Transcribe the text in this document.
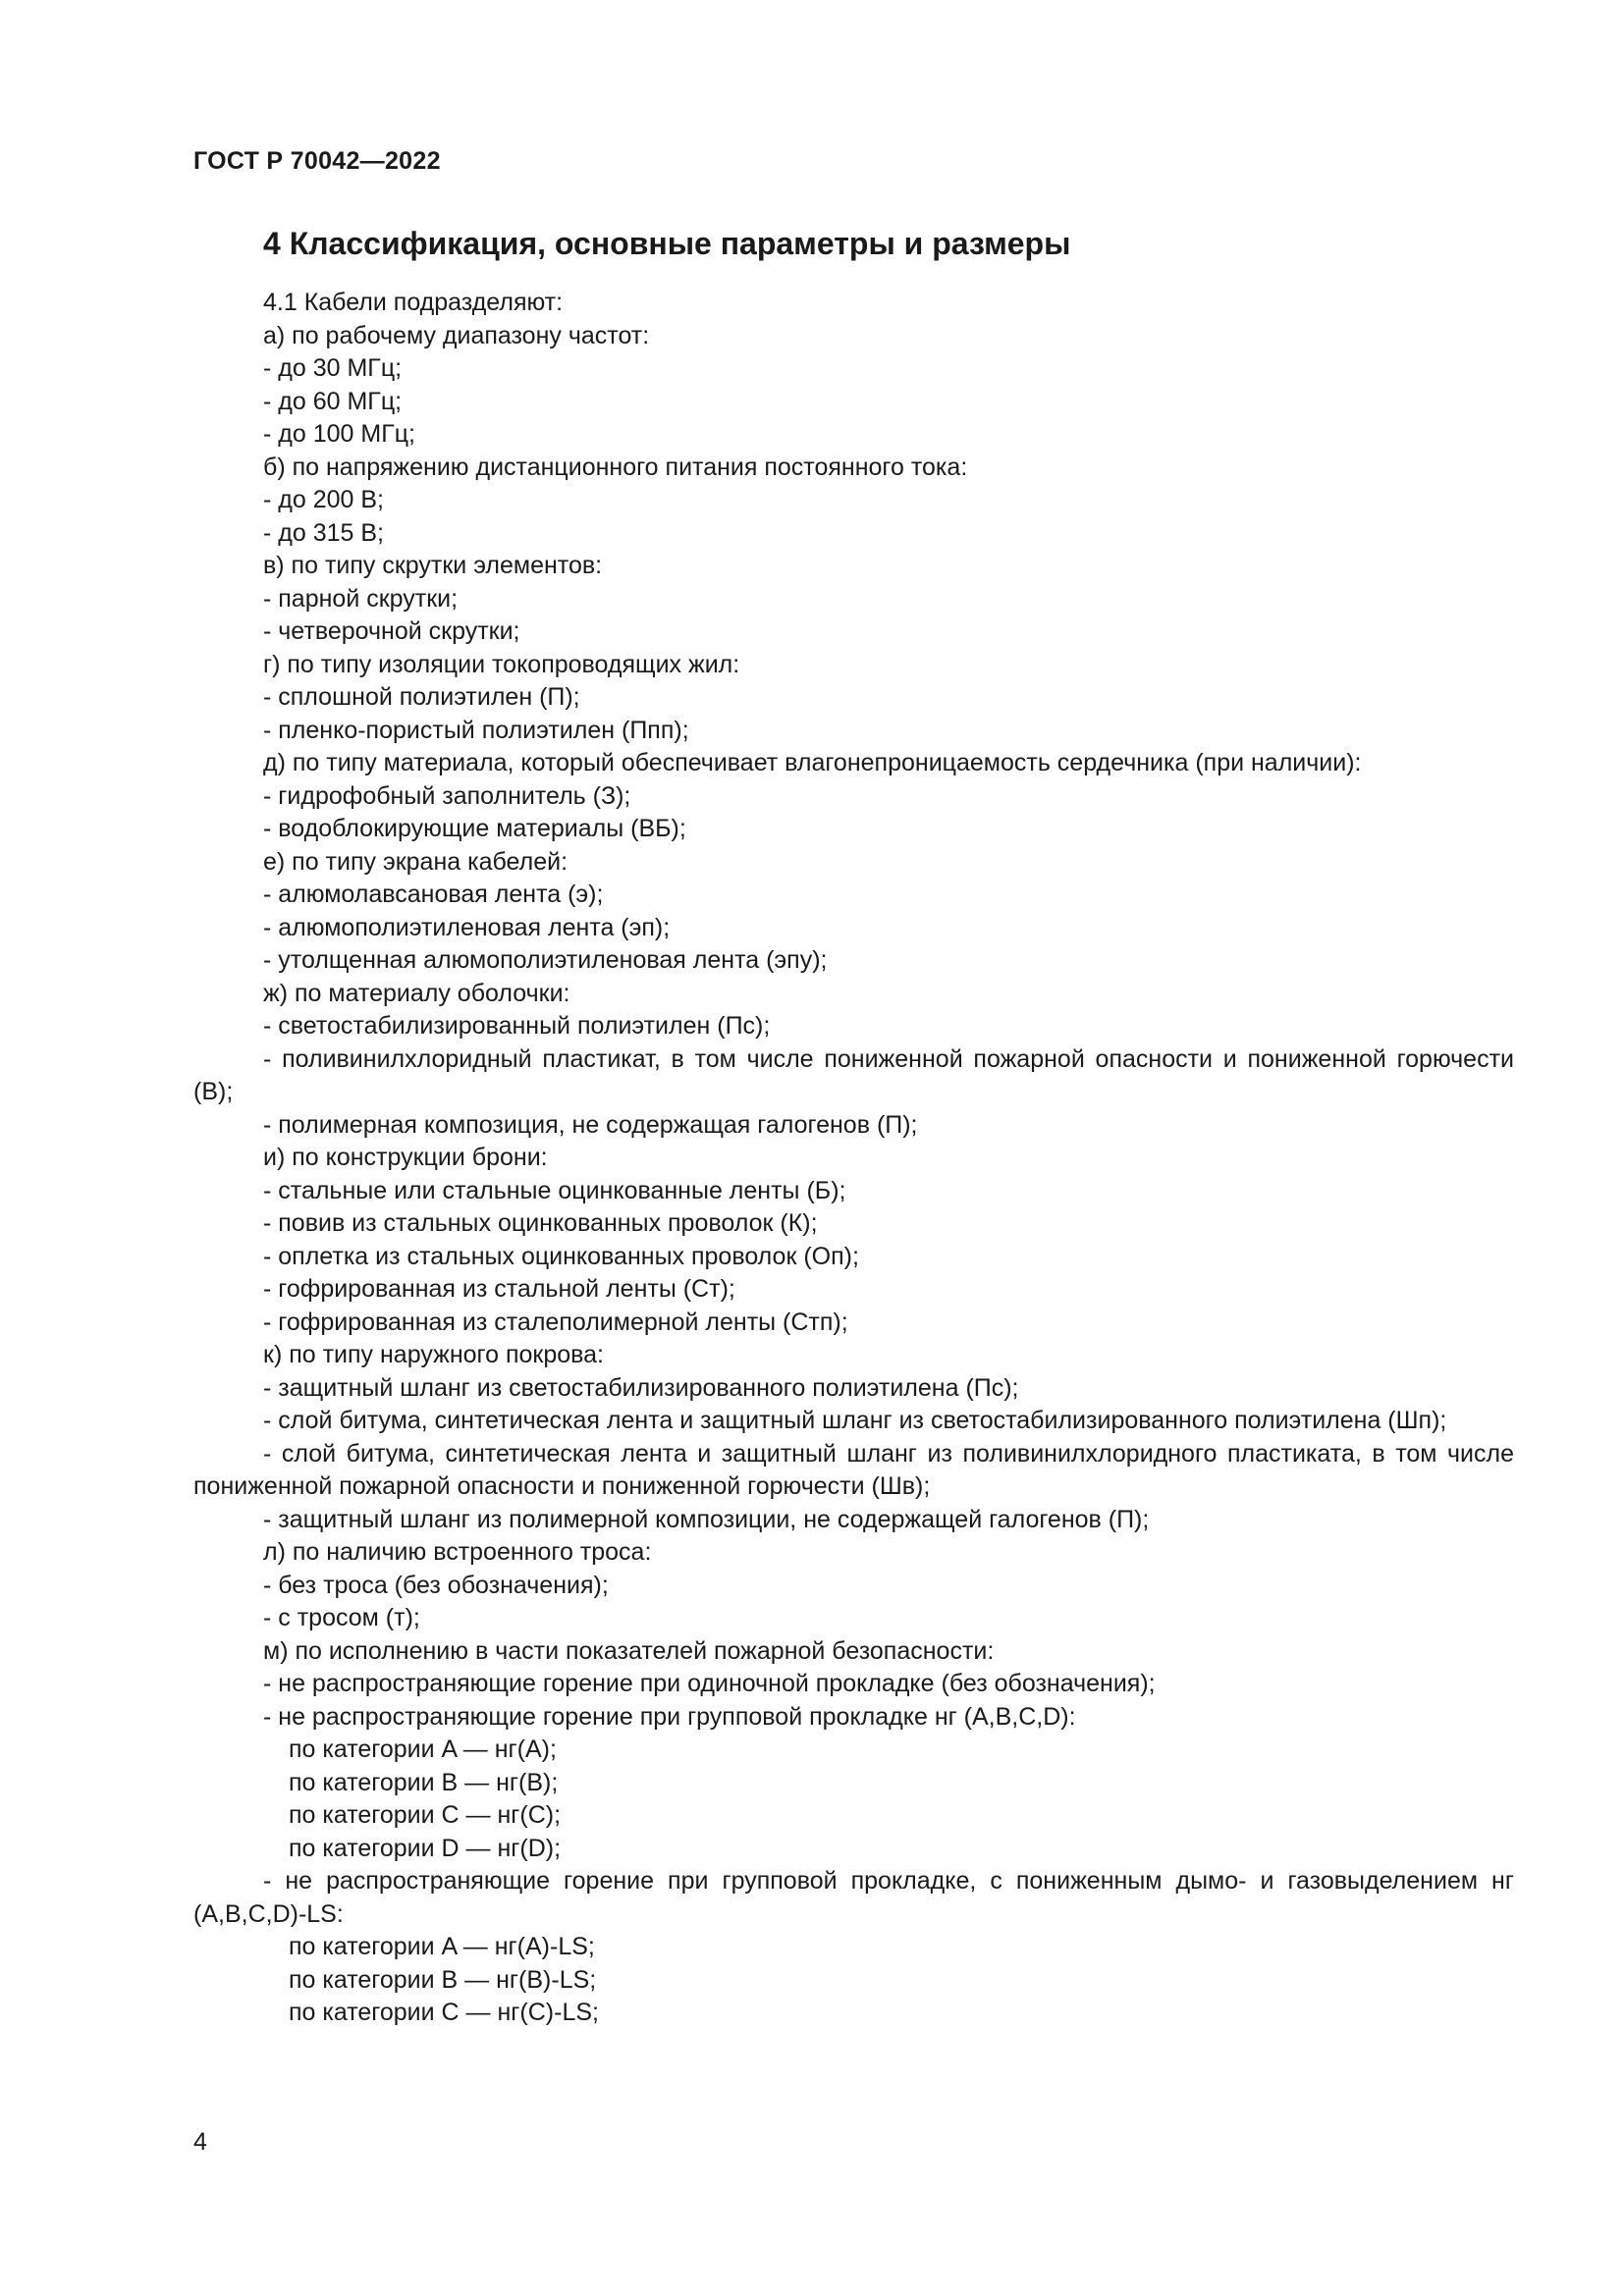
ГОСТ Р 70042—2022
4 Классификация, основные параметры и размеры
4.1 Кабели подразделяют:
а) по рабочему диапазону частот:
- до 30 МГц;
- до 60 МГц;
- до 100 МГц;
б) по напряжению дистанционного питания постоянного тока:
- до 200 В;
- до 315 В;
в) по типу скрутки элементов:
- парной скрутки;
- четверочной скрутки;
г) по типу изоляции токопроводящих жил:
- сплошной полиэтилен (П);
- пленко-пористый полиэтилен (Ппп);
д) по типу материала, который обеспечивает влагонепроницаемость сердечника (при наличии):
- гидрофобный заполнитель (З);
- водоблокирующие материалы (ВБ);
е) по типу экрана кабелей:
- алюмолавсановая лента (э);
- алюмополиэтиленовая лента (эп);
- утолщенная алюмополиэтиленовая лента (эпу);
ж) по материалу оболочки:
- светостабилизированный полиэтилен (Пс);
- поливинилхлоридный пластикат, в том числе пониженной пожарной опасности и пониженной горючести (В);
- полимерная композиция, не содержащая галогенов (П);
и) по конструкции брони:
- стальные или стальные оцинкованные ленты (Б);
- повив из стальных оцинкованных проволок (К);
- оплетка из стальных оцинкованных проволок (Оп);
- гофрированная из стальной ленты (Ст);
- гофрированная из сталеполимерной ленты (Стп);
к) по типу наружного покрова:
- защитный шланг из светостабилизированного полиэтилена (Пс);
- слой битума, синтетическая лента и защитный шланг из светостабилизированного полиэтилена (Шп);
- слой битума, синтетическая лента и защитный шланг из поливинилхлоридного пластиката, в том числе пониженной пожарной опасности и пониженной горючести (Шв);
- защитный шланг из полимерной композиции, не содержащей галогенов (П);
л) по наличию встроенного троса:
- без троса (без обозначения);
- с тросом (т);
м) по исполнению в части показателей пожарной безопасности:
- не распространяющие горение при одиночной прокладке (без обозначения);
- не распространяющие горение при групповой прокладке нг (A,B,C,D):
по категории A — нг(A);
по категории B — нг(B);
по категории C — нг(C);
по категории D — нг(D);
- не распространяющие горение при групповой прокладке, с пониженным дымо- и газовыделением нг (A,B,C,D)-LS:
по категории A — нг(A)-LS;
по категории B — нг(B)-LS;
по категории C — нг(C)-LS;
4
